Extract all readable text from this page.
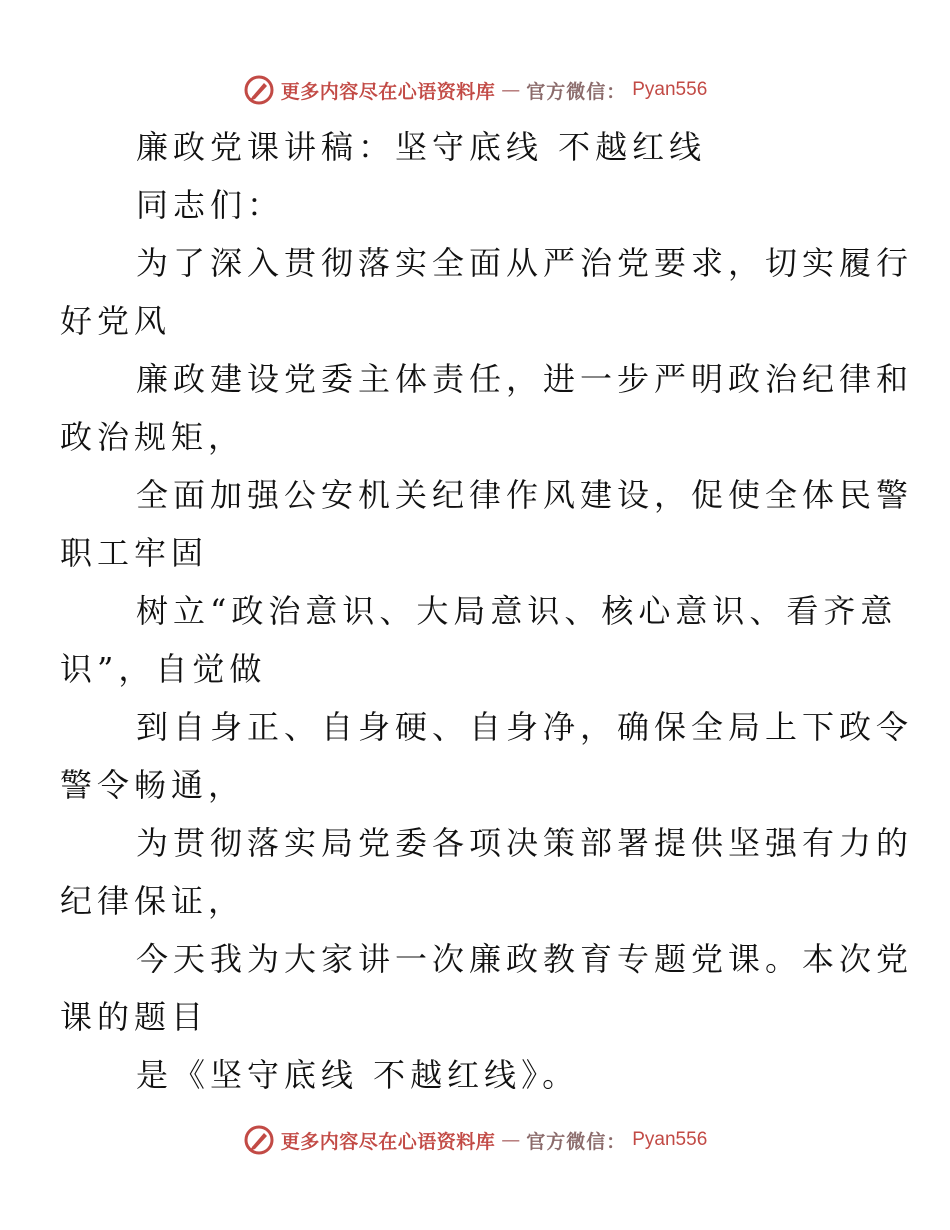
更多内容尽在心语资料库 — 官方微信： Pyan556

廉政党课讲稿：坚守底线 不越红线

同志们：

为了深入贯彻落实全面从严治党要求，切实履行
好党风

廉政建设党委主体责任，进一步严明政治纪律和
政治规矩，

全面加强公安机关纪律作风建设，促使全体民警
职工牢固

树立“政治意识、大局意识、核心意识、看齐意
识”，自觉做

到自身正、自身硬、自身净，确保全局上下政令
警令畅通，

为贯彻落实局党委各项决策部署提供坚强有力的
纪律保证，

今天我为大家讲一次廉政教育专题党课。本次党
课的题目

是《坚守底线 不越红线》。

更多内容尽在心语资料库 — 官方微信： Pyan556
